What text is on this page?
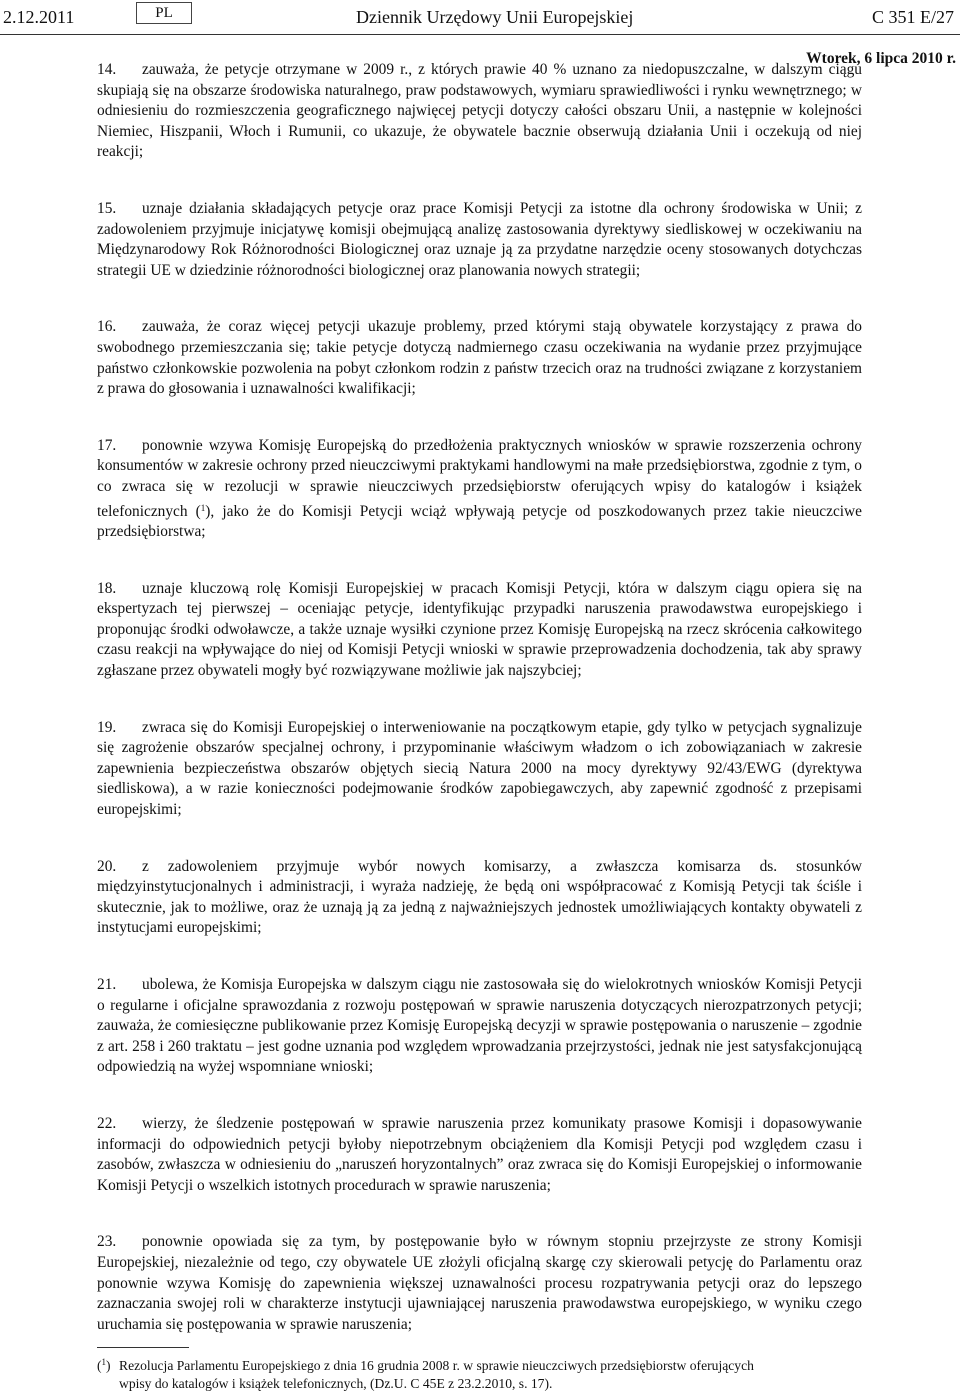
2.12.2011	PL	Dziennik Urzędowy Unii Europejskiej	C 351 E/27
Wtorek, 6 lipca 2010 r.

14. zauważa, że petycje otrzymane w 2009 r., z których prawie 40 % uznano za niedopuszczalne, w dalszym ciągu skupiają się na obszarze środowiska naturalnego, praw podstawowych, wymiaru sprawiedliwości i rynku wewnętrznego; w odniesieniu do rozmieszczenia geograficznego najwięcej petycji dotyczy całości obszaru Unii, a następnie w kolejności Niemiec, Hiszpanii, Włoch i Rumunii, co ukazuje, że obywatele bacznie obserwują działania Unii i oczekują od niej reakcji;

15. uznaje działania składających petycje oraz prace Komisji Petycji za istotne dla ochrony środowiska w Unii; z zadowoleniem przyjmuje inicjatywę komisji obejmującą analizę zastosowania dyrektywy siedliskowej w oczekiwaniu na Międzynarodowy Rok Różnorodności Biologicznej oraz uznaje ją za przydatne narzędzie oceny stosowanych dotychczas strategii UE w dziedzinie różnorodności biologicznej oraz planowania nowych strategii;

16. zauważa, że coraz więcej petycji ukazuje problemy, przed którymi stają obywatele korzystający z prawa do swobodnego przemieszczania się; takie petycje dotyczą nadmiernego czasu oczekiwania na wydanie przez przyjmujące państwo członkowskie pozwolenia na pobyt członkom rodzin z państw trzecich oraz na trudności związane z korzystaniem z prawa do głosowania i uznawalności kwalifikacji;

17. ponownie wzywa Komisję Europejską do przedłożenia praktycznych wniosków w sprawie rozszerzenia ochrony konsumentów w zakresie ochrony przed nieuczciwymi praktykami handlowymi na małe przedsiębiorstwa, zgodnie z tym, o co zwraca się w rezolucji w sprawie nieuczciwych przedsiębiorstw oferujących wpisy do katalogów i książek telefonicznych ($^1$), jako że do Komisji Petycji wciąż wpływają petycje od poszkodowanych przez takie nieuczciwe przedsiębiorstwa;

18. uznaje kluczową rolę Komisji Europejskiej w pracach Komisji Petycji, która w dalszym ciągu opiera się na ekspertyzach tej pierwszej – oceniając petycje, identyfikując przypadki naruszenia prawodawstwa europejskiego i proponując środki odwoławcze, a także uznaje wysiłki czynione przez Komisję Europejską na rzecz skrócenia całkowitego czasu reakcji na wpływające do niej od Komisji Petycji wnioski w sprawie przeprowadzenia dochodzenia, tak aby sprawy zgłaszane przez obywateli mogły być rozwiązywane możliwie jak najszybciej;

19. zwraca się do Komisji Europejskiej o interweniowanie na początkowym etapie, gdy tylko w petycjach sygnalizuje się zagrożenie obszarów specjalnej ochrony, i przypominanie właściwym władzom o ich zobowiązaniach w zakresie zapewnienia bezpieczeństwa obszarów objętych siecią Natura 2000 na mocy dyrektywy 92/43/EWG (dyrektywa siedliskowa), a w razie konieczności podejmowanie środków zapobiegawczych, aby zapewnić zgodność z przepisami europejskimi;

20. z zadowoleniem przyjmuje wybór nowych komisarzy, a zwłaszcza komisarza ds. stosunków międzyinstytucjonalnych i administracji, i wyraża nadzieję, że będą oni współpracować z Komisją Petycji tak ściśle i skutecznie, jak to możliwe, oraz że uznają ją za jedną z najważniejszych jednostek umożliwiających kontakty obywateli z instytucjami europejskimi;

21. ubolewa, że Komisja Europejska w dalszym ciągu nie zastosowała się do wielokrotnych wniosków Komisji Petycji o regularne i oficjalne sprawozdania z rozwoju postępowań w sprawie naruszenia dotyczących nierozpatrzonych petycji; zauważa, że comiesięczne publikowanie przez Komisję Europejską decyzji w sprawie postępowania o naruszenie – zgodnie z art. 258 i 260 traktatu – jest godne uznania pod względem wprowadzania przejrzystości, jednak nie jest satysfakcjonującą odpowiedzią na wyżej wspomniane wnioski;

22. wierzy, że śledzenie postępowań w sprawie naruszenia przez komunikaty prasowe Komisji i dopasowywanie informacji do odpowiednich petycji byłoby niepotrzebnym obciążeniem dla Komisji Petycji pod względem czasu i zasobów, zwłaszcza w odniesieniu do „naruszeń horyzontalnych” oraz zwraca się do Komisji Europejskiej o informowanie Komisji Petycji o wszelkich istotnych procedurach w sprawie naruszenia;

23. ponownie opowiada się za tym, by postępowanie było w równym stopniu przejrzyste ze strony Komisji Europejskiej, niezależnie od tego, czy obywatele UE złożyli oficjalną skargę czy skierowali petycję do Parlamentu oraz ponownie wzywa Komisję do zapewnienia większej uznawalności procesu rozpatrywania petycji oraz do lepszego zaznaczania swojej roli w charakterze instytucji ujawniającej naruszenia prawodawstwa europejskiego, w wyniku czego uruchamia się postępowania w sprawie naruszenia;

($^1$) Rezolucja Parlamentu Europejskiego z dnia 16 grudnia 2008 r. w sprawie nieuczciwych przedsiębiorstw oferujących
wpisy do katalogów i książek telefonicznych, (Dz.U. C 45E z 23.2.2010, s. 17).
